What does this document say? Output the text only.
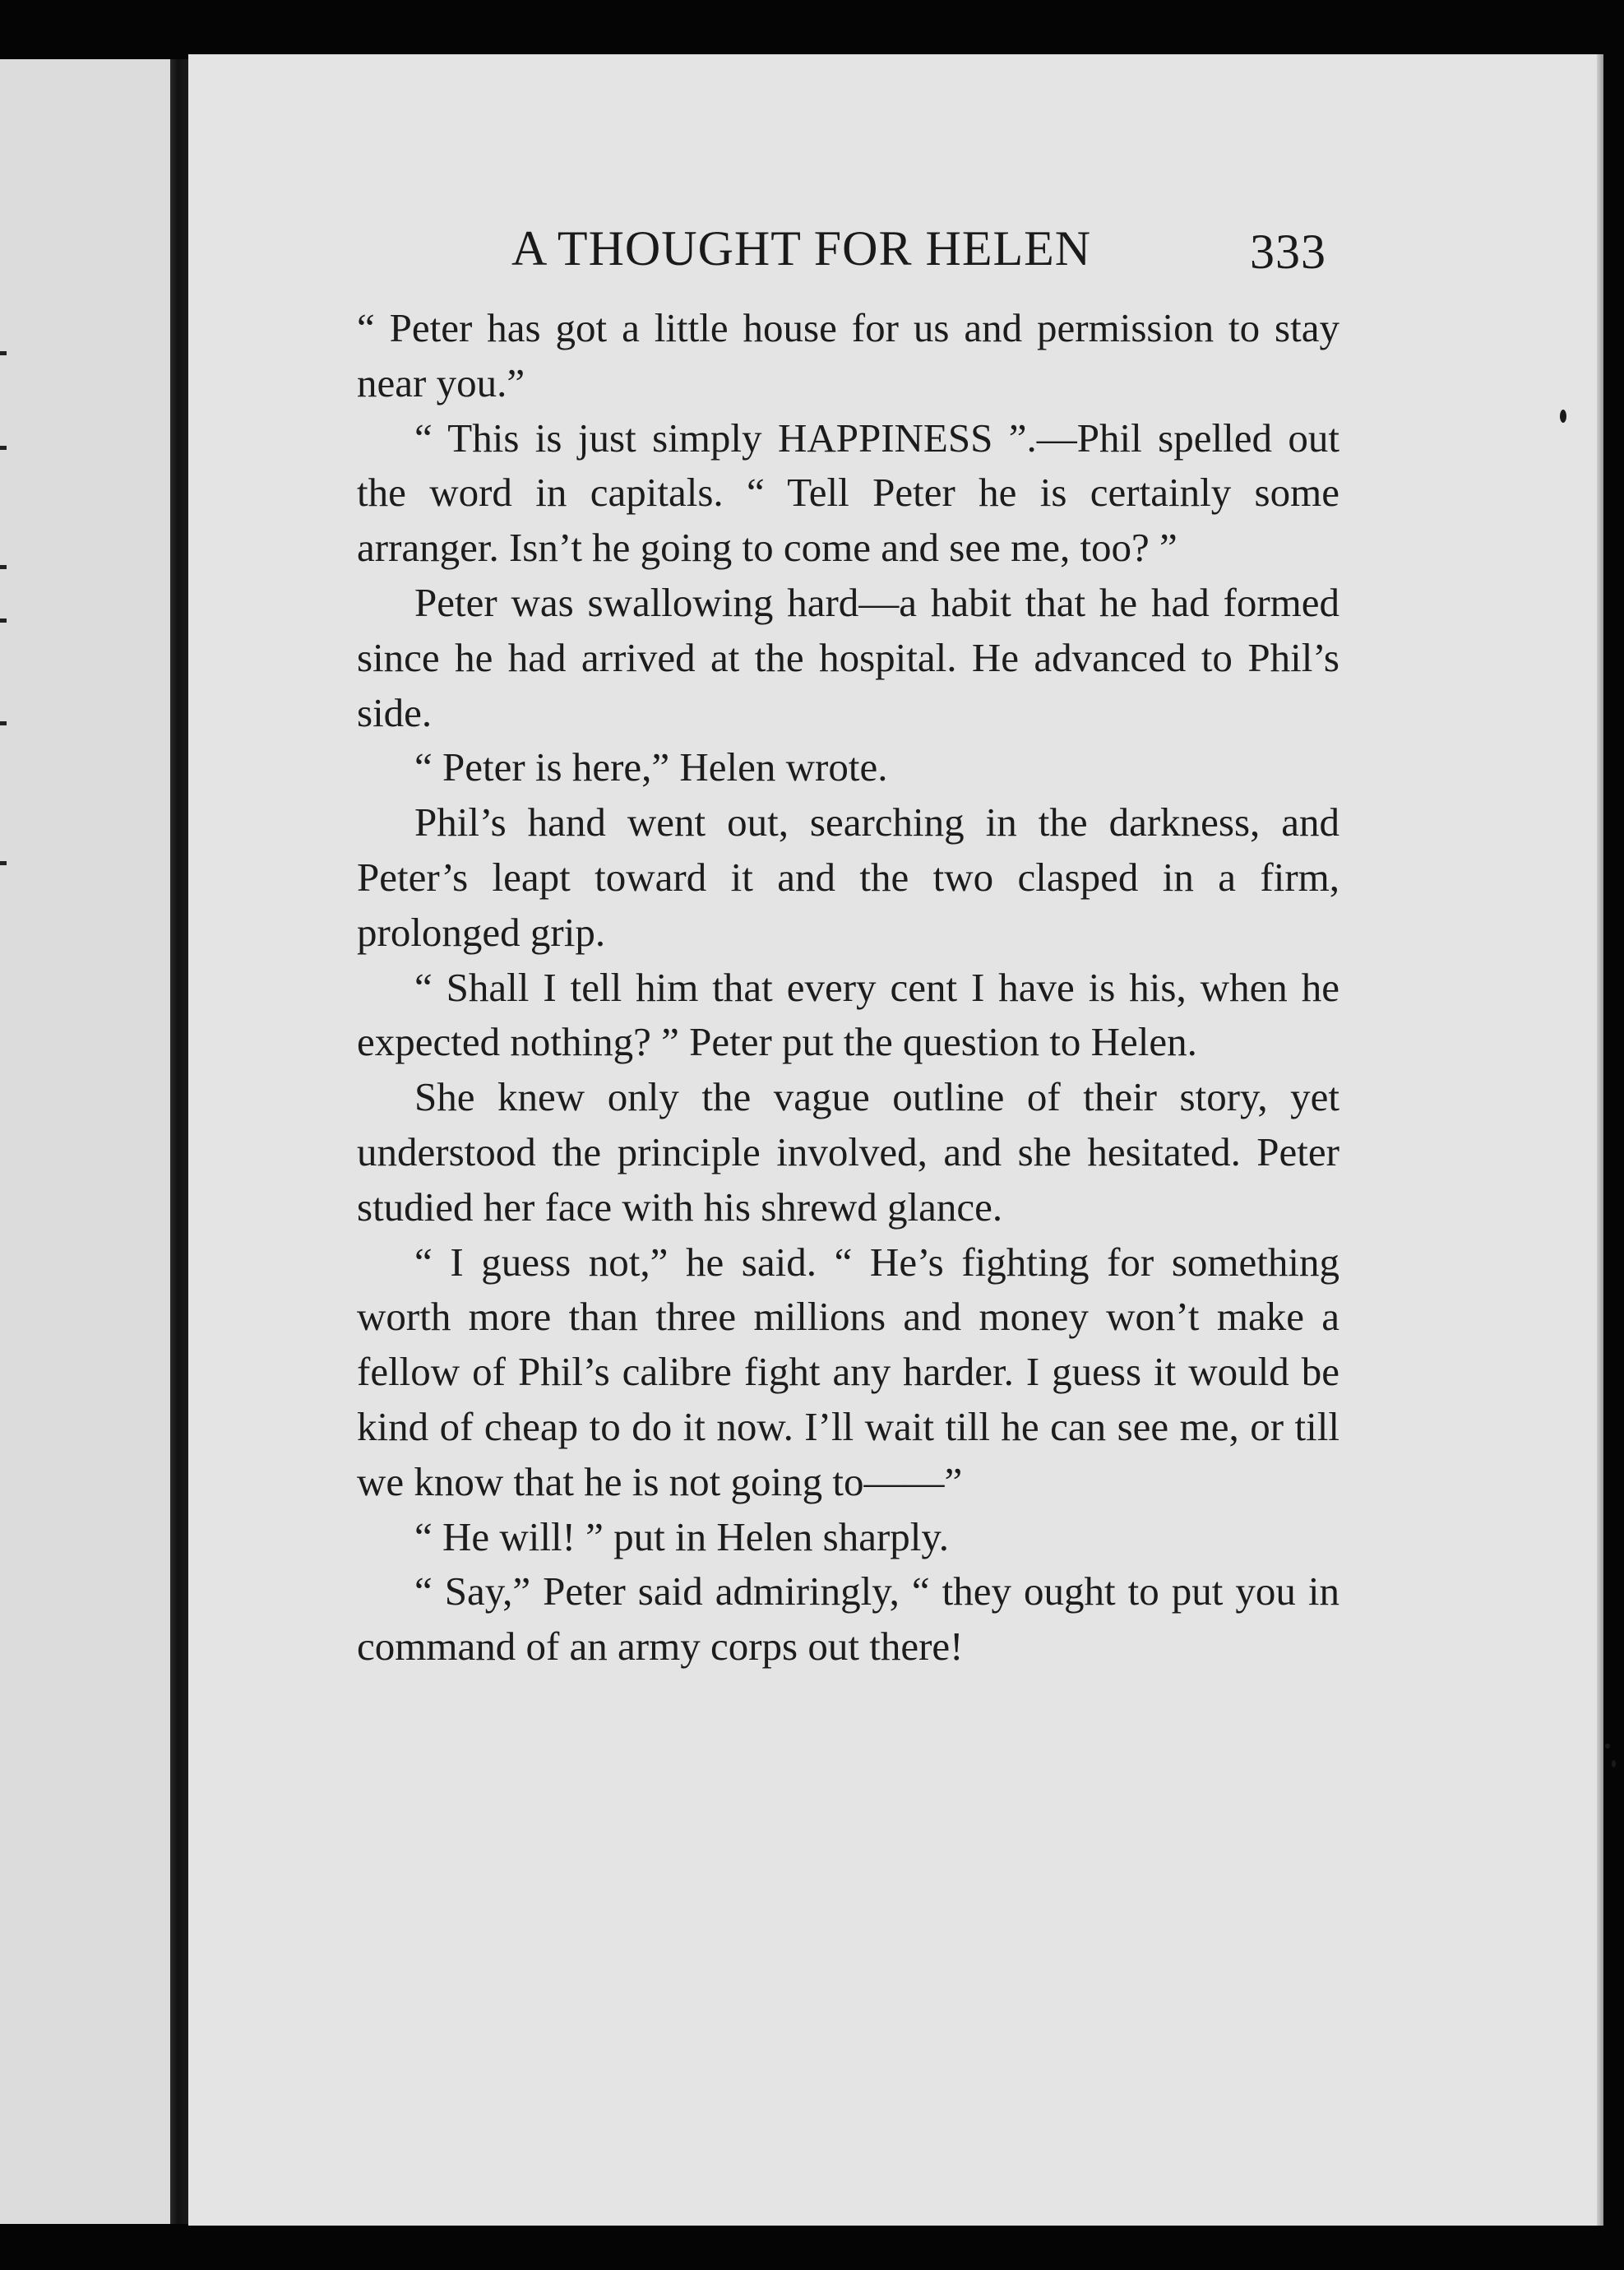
A THOUGHT FOR HELEN	333

“ Peter has got a little house for us and permission to stay near you.”

“ This is just simply HAPPINESS ”.—Phil spelled out the word in capitals. “ Tell Peter he is certainly some arranger. Isn’t he going to come and see me, too? ”

Peter was swallowing hard—a habit that he had formed since he had arrived at the hospital. He advanced to Phil’s side.

“ Peter is here,” Helen wrote.

Phil’s hand went out, searching in the darkness, and Peter’s leapt toward it and the two clasped in a firm, prolonged grip.

“ Shall I tell him that every cent I have is his, when he expected nothing? ” Peter put the question to Helen.

She knew only the vague outline of their story, yet understood the principle involved, and she hesitated. Peter studied her face with his shrewd glance.

“ I guess not,” he said. “ He’s fighting for something worth more than three millions and money won’t make a fellow of Phil’s calibre fight any harder. I guess it would be kind of cheap to do it now. I’ll wait till he can see me, or till we know that he is not going to——”

“ He will! ” put in Helen sharply.

“ Say,” Peter said admiringly, “ they ought to put you in command of an army corps out there!
